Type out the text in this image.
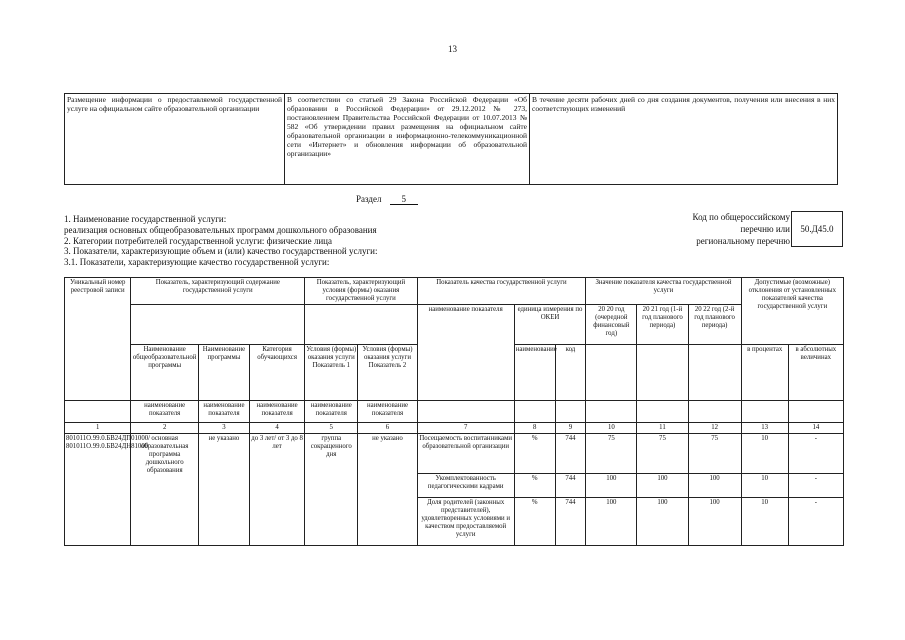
13
Размещение информации о предоставляемой государственной услуге на официальном сайте образовательной организации	В соответствии со статьей 29 Закона Российской Федерации «Об образовании в Российской Федерации» от 29.12.2012 № 273, постановлением Правительства Российской Федерации от 10.07.2013 № 582 «Об утверждении правил размещения на официальном сайте образовательной организации в информационно-телекоммуникационной сети «Интернет» и обновления информации об образовательной организации»	В течение десяти рабочих дней со дня создания документов, получения или внесения в них соответствующих изменений
Раздел 5
1. Наименование государственной услуги:
реализация основных общеобразовательных программ дошкольного образования
2. Категории потребителей государственной услуги: физические лица
3. Показатели, характеризующие объем и (или) качество государственной услуги:
3.1. Показатели, характеризующие качество государственной услуги:
Код по общероссийскому
перечню или
региональному перечню
50.Д45.0
Уникальный номер реестровой записи	Показатель, характеризующий содержание государственной услуги			Показатель, характеризующий условия (формы) оказания государственной услуги		Показатель качества государственной услуги			Значение показателя качества государственной услуги			Допустимые (возможные) отклонения от установленных показателей качества государственной услуги	
						наименование показателя	единица измерения по ОКЕИ		20 20 год (очередной финансовый год)	20 21 год (1-й год планового периода)	20 22 год (2-й год планового периода)		
	Наименование общеобразовательной программы	Наименование программы	Категория обучающихся	Условия (формы) оказания услуги Показатель 1	Условия (формы) оказания услуги Показатель 2		наименование	код				в процентах	в абсолютных величинах
	наименование показателя	наименование показателя	наименование показателя	наименование показателя	наименование показателя								
1	2	3	4	5	6	7	8	9	10	11	12	13	14
801011О.99.0.БВ24ДП01000/ 801011О.99.0.БВ24ДН81000	основная образовательная программа дошкольного образования	не указано	до 3 лет/ от 3 до 8 лет	группа сокращенного дня	не указано	Посещаемость воспитанниками образовательной организации	%	744	75	75	75	10	-
						Укомплектованность педагогическими кадрами	%	744	100	100	100	10	-
						Доля родителей (законных представителей), удовлетворенных условиями и качеством предоставляемой услуги	%	744	100	100	100	10	-
